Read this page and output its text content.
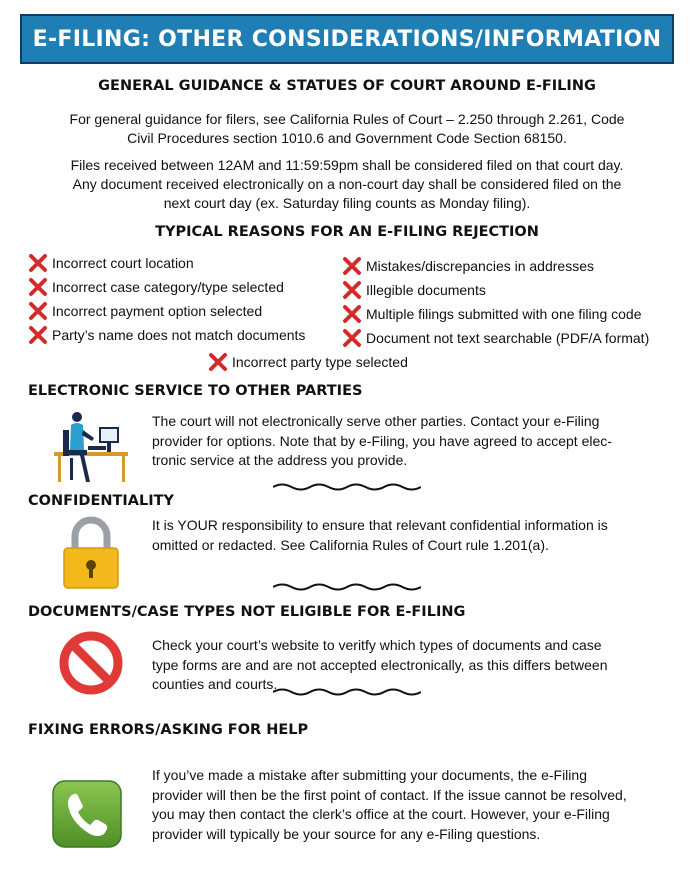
E-FILING: OTHER CONSIDERATIONS/INFORMATION
GENERAL GUIDANCE & STATUES OF COURT AROUND E-FILING
For general guidance for filers, see California Rules of Court – 2.250 through 2.261, Code
Civil Procedures section 1010.6 and Government Code Section 68150.
Files received between 12AM and 11:59:59pm shall be considered filed on that court day.
Any document received electronically on a non-court day shall be considered filed on the
next court day (ex. Saturday filing counts as Monday filing).
TYPICAL REASONS FOR AN E-FILING REJECTION
Incorrect court location
Incorrect case category/type selected
Incorrect payment option selected
Party’s name does not match documents
Mistakes/discrepancies in addresses
Illegible documents
Multiple filings submitted with one filing code
Document not text searchable (PDF/A format)
Incorrect party type selected
ELECTRONIC SERVICE TO OTHER PARTIES
The court will not electronically serve other parties. Contact your e-Filing
provider for options. Note that by e-Filing, you have agreed to accept elec-
tronic service at the address you provide.
CONFIDENTIALITY
It is YOUR responsibility to ensure that relevant confidential information is
omitted or redacted. See California Rules of Court rule 1.201(a).
DOCUMENTS/CASE TYPES NOT ELIGIBLE FOR E-FILING
Check your court’s website to veritfy which types of documents and case
type forms are and are not accepted electronically, as this differs between
counties and courts.
FIXING ERRORS/ASKING FOR HELP
If you’ve made a mistake after submitting your documents, the e-Filing
provider will then be the first point of contact. If the issue cannot be resolved,
you may then contact the clerk’s office at the court. However, your e-Filing
provider will typically be your source for any e-Filing questions.
